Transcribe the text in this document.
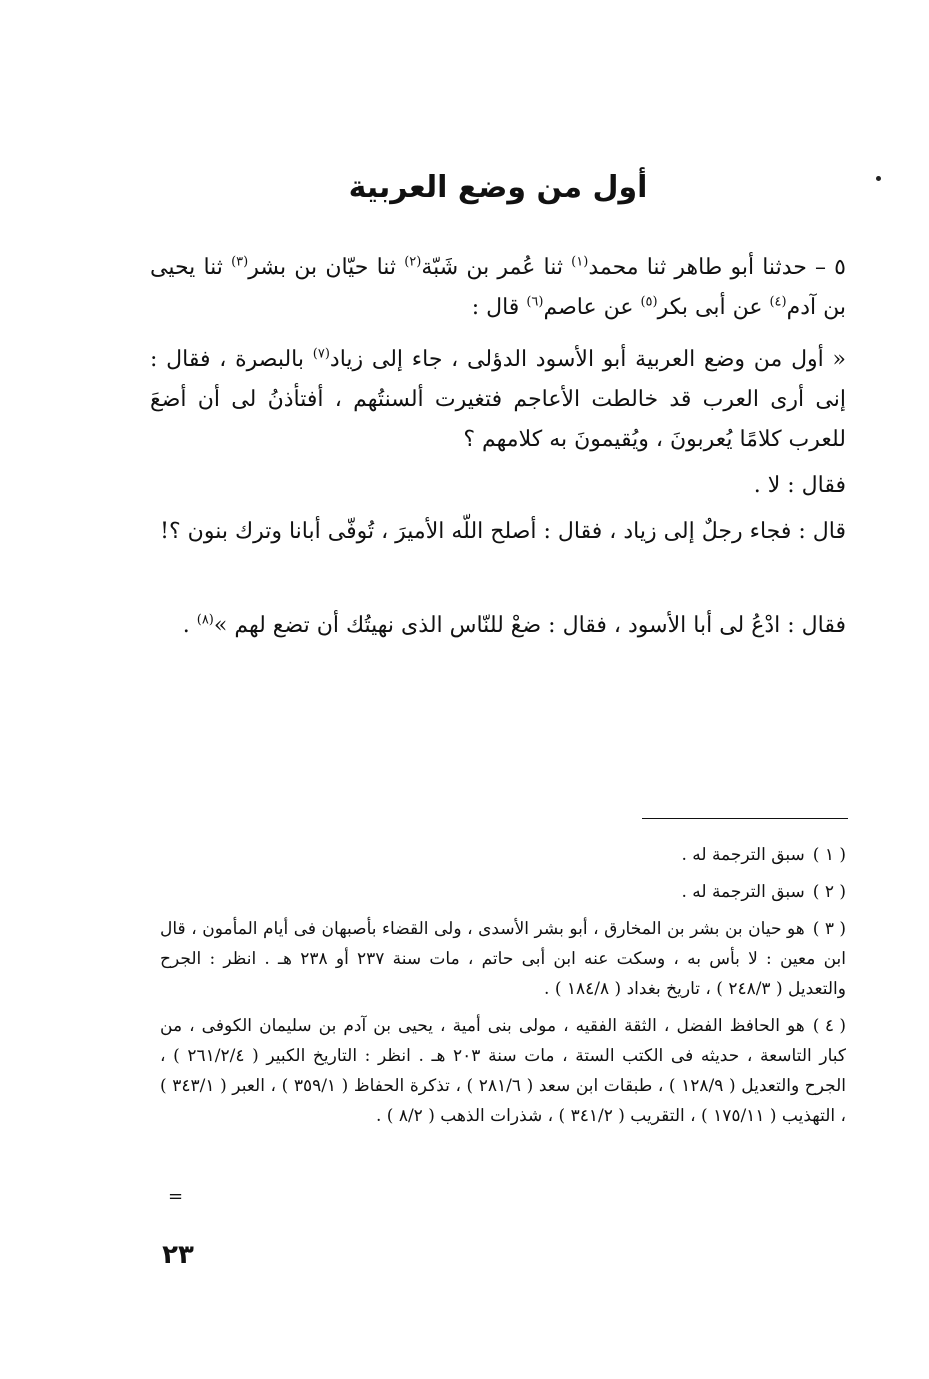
أول من وضع العربية
٥ – حدثنا أبو طاهر ثنا محمد$^{(١)}$ ثنا عُمر بن شَبّة$^{(٢)}$ ثنا حيّان بن بشر$^{(٣)}$ ثنا يحيى بن آدم$^{(٤)}$ عن أبى بكر$^{(٥)}$ عن عاصم$^{(٦)}$ قال :
« أول من وضع العربية أبو الأسود الدؤلى ، جاء إلى زياد$^{(٧)}$ بالبصرة ، فقال : إنى أرى العرب قد خالطت الأعاجم فتغيرت ألسنتُهم ، أفتأذنُ لى أن أضعَ للعرب كلامًا يُعربونَ ، ويُقيمونَ به كلامهم ؟
فقال : لا .
قال : فجاء رجلٌ إلى زياد ، فقال : أصلح اللّه الأميرَ ، تُوفّى أبانا وترك بنون ؟!
فقال : ادْعُ لى أبا الأسود ، فقال : ضعْ للنّاس الذى نهيتُك أن تضع لهم »$^{(٨)}$ .
( ١ )سبق الترجمة له .
( ٢ )سبق الترجمة له .
( ٣ )هو حيان بن بشر بن المخارق ، أبو بشر الأسدى ، ولى القضاء بأصبهان فى أيام المأمون ، قال ابن معين : لا بأس به ، وسكت عنه ابن أبى حاتم ، مات سنة ٢٣٧ أو ٢٣٨ هـ . انظر : الجرح والتعديل ( ٢٤٨/٣ ) ، تاريخ بغداد ( ١٨٤/٨ ) .
( ٤ )هو الحافظ الفضل ، الثقة الفقيه ، مولى بنى أمية ، يحيى بن آدم بن سليمان الكوفى ، من كبار التاسعة ، حديثه فى الكتب الستة ، مات سنة ٢٠٣ هـ . انظر : التاريخ الكبير ( ٢٦١/٢/٤ ) ، الجرح والتعديل ( ١٢٨/٩ ) ، طبقات ابن سعد ( ٢٨١/٦ ) ، تذكرة الحفاظ ( ٣٥٩/١ ) ، العبر ( ٣٤٣/١ ) ، التهذيب ( ١٧٥/١١ ) ، التقريب ( ٣٤١/٢ ) ، شذرات الذهب ( ٨/٢ ) .
=
٢٣
